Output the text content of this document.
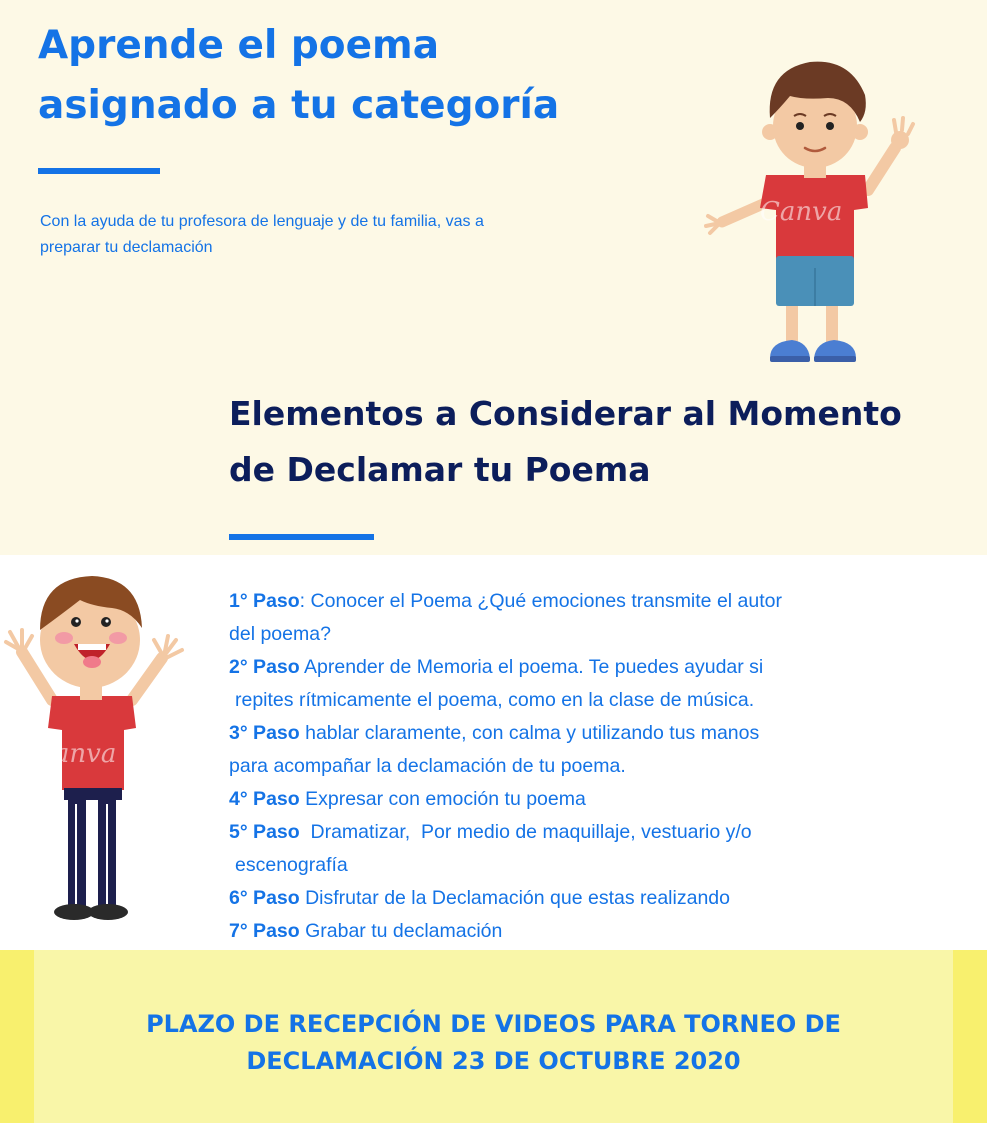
Aprende el poema
asignado a tu categoría

Con la ayuda de tu profesora de lenguaje y de tu familia, vas a
preparar tu declamación

Canva
Elementos a Considerar al Momento
de Declamar tu Poema
Canva
1° Paso: Conocer el Poema ¿Qué emociones transmite el autor
del poema?
2° Paso Aprender de Memoria el poema. Te puedes ayudar si
repites rítmicamente el poema, como en la clase de música.
3° Paso hablar claramente, con calma y utilizando tus manos
para acompañar la declamación de tu poema.
4° Paso Expresar con emoción tu poema
5° Paso Dramatizar,  Por medio de maquillaje, vestuario y/o
escenografía
6° Paso Disfrutar de la Declamación que estas realizando
7° Paso Grabar tu declamación

PLAZO DE RECEPCIÓN DE VIDEOS PARA TORNEO DE
DECLAMACIÓN 23 DE OCTUBRE 2020
